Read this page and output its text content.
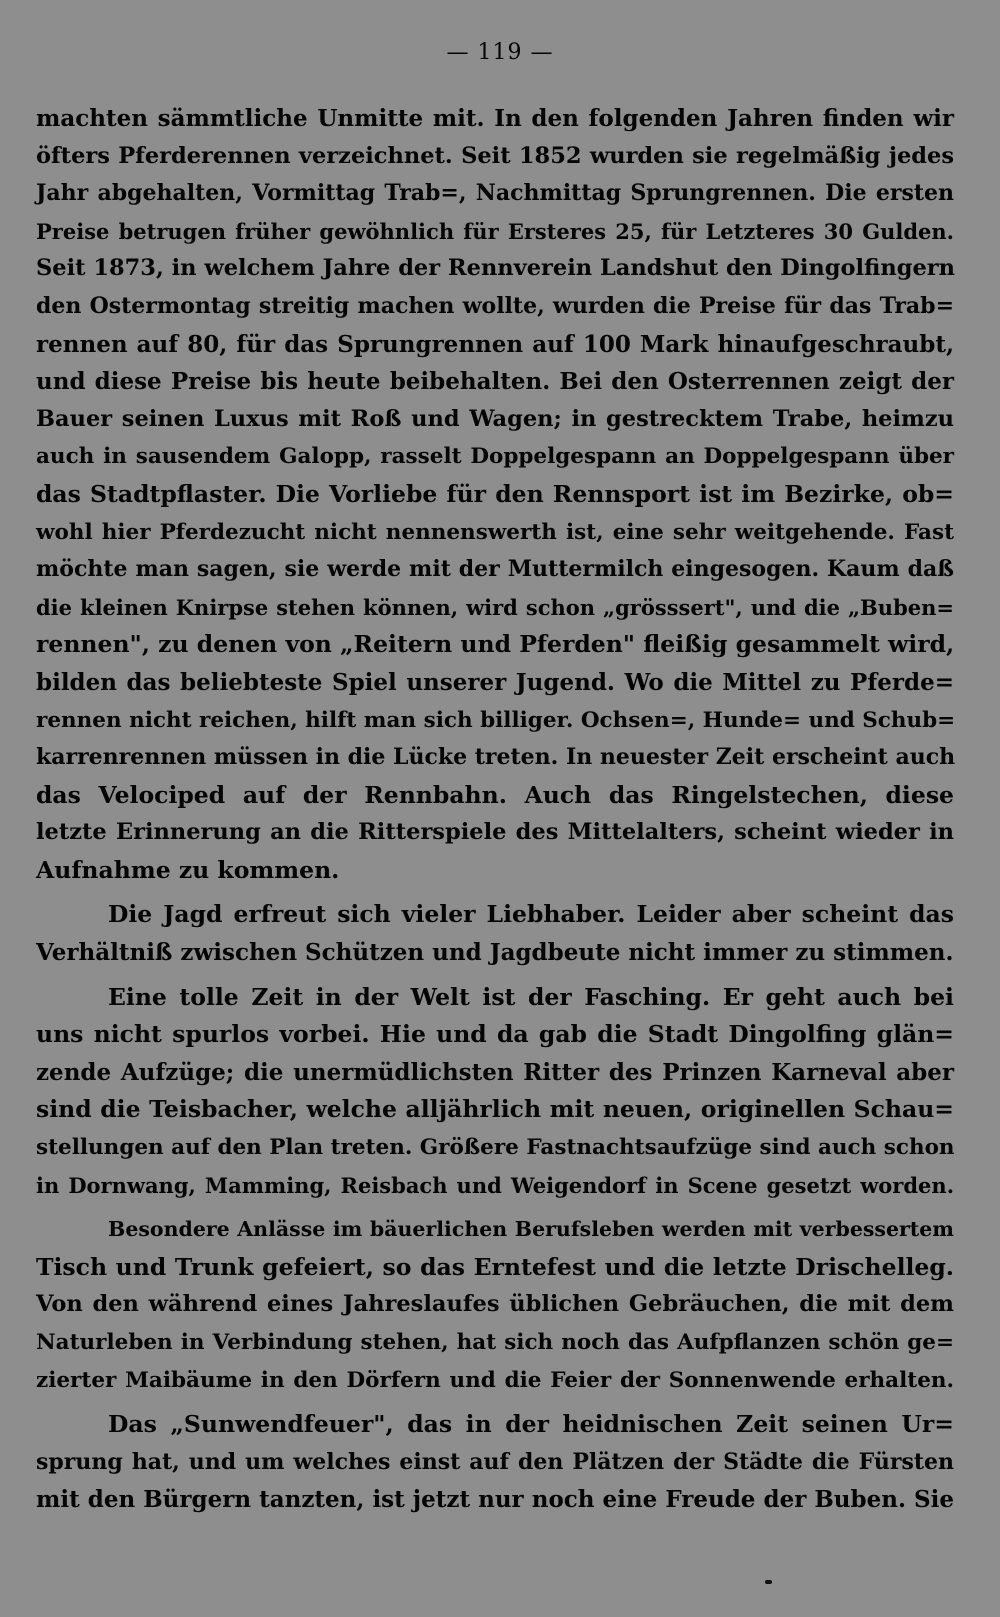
— 119 —

machten sämmtliche Unmitte mit. In den folgenden Jahren finden wir

öfters Pferderennen verzeichnet. Seit 1852 wurden sie regelmäßig jedes

Jahr abgehalten, Vormittag Trab=, Nachmittag Sprungrennen. Die ersten

Preise betrugen früher gewöhnlich für Ersteres 25, für Letzteres 30 Gulden.

Seit 1873, in welchem Jahre der Rennverein Landshut den Dingolfingern

den Ostermontag streitig machen wollte, wurden die Preise für das Trab=

rennen auf 80, für das Sprungrennen auf 100 Mark hinaufgeschraubt,

und diese Preise bis heute beibehalten. Bei den Osterrennen zeigt der

Bauer seinen Luxus mit Roß und Wagen; in gestrecktem Trabe, heimzu

auch in sausendem Galopp, rasselt Doppelgespann an Doppelgespann über

das Stadtpflaster. Die Vorliebe für den Rennsport ist im Bezirke, ob=

wohl hier Pferdezucht nicht nennenswerth ist, eine sehr weitgehende. Fast

möchte man sagen, sie werde mit der Muttermilch eingesogen. Kaum daß

die kleinen Knirpse stehen können, wird schon „grösssert", und die „Buben=

rennen", zu denen von „Reitern und Pferden" fleißig gesammelt wird,

bilden das beliebteste Spiel unserer Jugend. Wo die Mittel zu Pferde=

rennen nicht reichen, hilft man sich billiger. Ochsen=, Hunde= und Schub=

karrenrennen müssen in die Lücke treten. In neuester Zeit erscheint auch

das Velociped auf der Rennbahn. Auch das Ringelstechen, diese

letzte Erinnerung an die Ritterspiele des Mittelalters, scheint wieder in

Aufnahme zu kommen.

Die Jagd erfreut sich vieler Liebhaber. Leider aber scheint das

Verhältniß zwischen Schützen und Jagdbeute nicht immer zu stimmen.

Eine tolle Zeit in der Welt ist der Fasching. Er geht auch bei

uns nicht spurlos vorbei. Hie und da gab die Stadt Dingolfing glän=

zende Aufzüge; die unermüdlichsten Ritter des Prinzen Karneval aber

sind die Teisbacher, welche alljährlich mit neuen, originellen Schau=

stellungen auf den Plan treten. Größere Fastnachtsaufzüge sind auch schon

in Dornwang, Mamming, Reisbach und Weigendorf in Scene gesetzt worden.

Besondere Anlässe im bäuerlichen Berufsleben werden mit verbessertem

Tisch und Trunk gefeiert, so das Erntefest und die letzte Drischelleg.

Von den während eines Jahreslaufes üblichen Gebräuchen, die mit dem

Naturleben in Verbindung stehen, hat sich noch das Aufpflanzen schön ge=

zierter Maibäume in den Dörfern und die Feier der Sonnenwende erhalten.

Das „Sunwendfeuer", das in der heidnischen Zeit seinen Ur=

sprung hat, und um welches einst auf den Plätzen der Städte die Fürsten

mit den Bürgern tanzten, ist jetzt nur noch eine Freude der Buben. Sie
